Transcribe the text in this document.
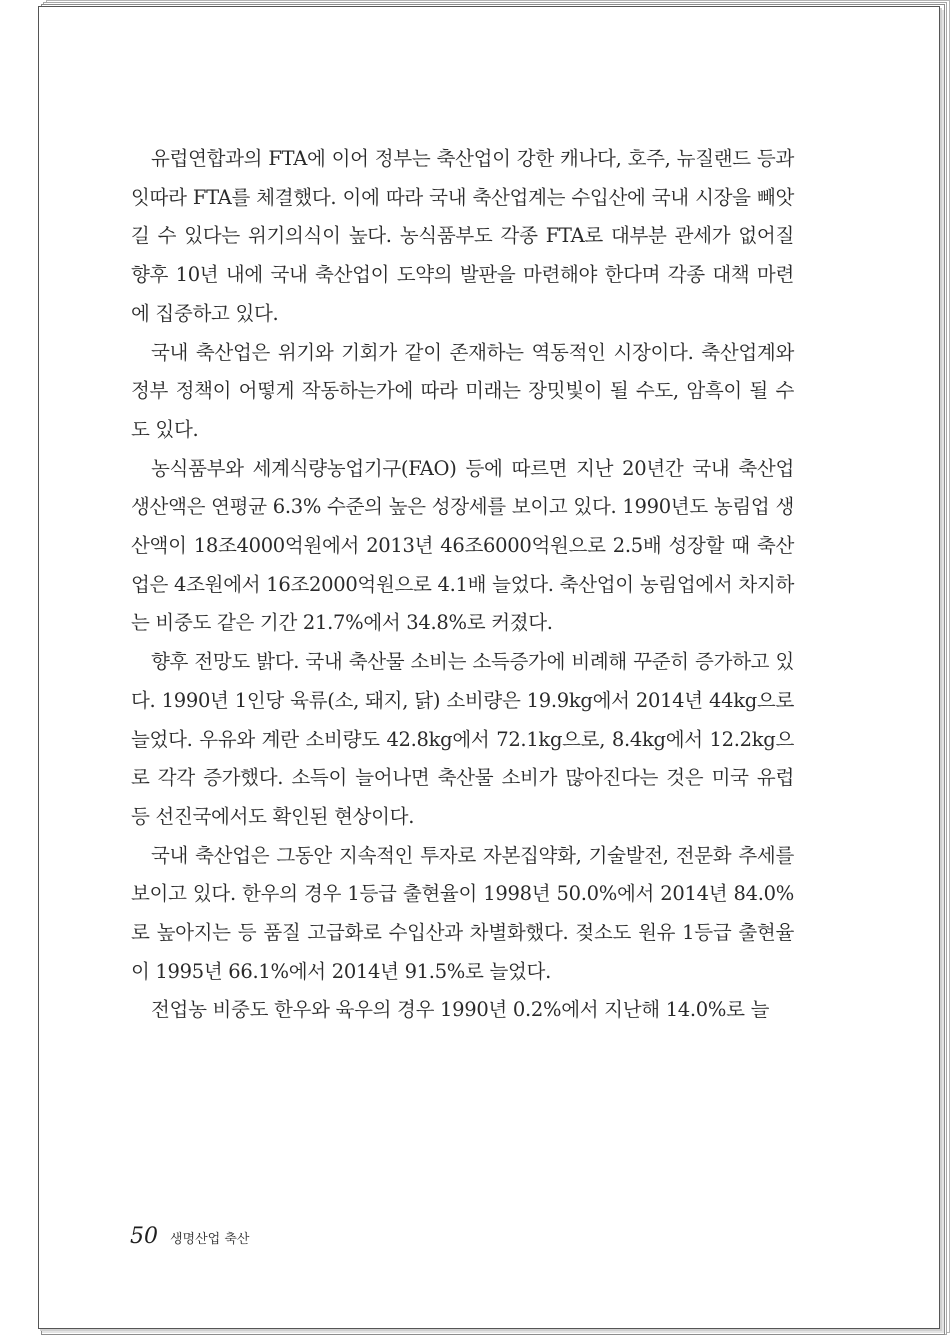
유럽연합과의 FTA에 이어 정부는 축산업이 강한 캐나다, 호주, 뉴질랜드 등과 잇따라 FTA를 체결했다. 이에 따라 국내 축산업계는 수입산에 국내 시장을 빼앗길 수 있다는 위기의식이 높다. 농식품부도 각종 FTA로 대부분 관세가 없어질 향후 10년 내에 국내 축산업이 도약의 발판을 마련해야 한다며 각종 대책 마련에 집중하고 있다.

국내 축산업은 위기와 기회가 같이 존재하는 역동적인 시장이다. 축산업계와 정부 정책이 어떻게 작동하는가에 따라 미래는 장밋빛이 될 수도, 암흑이 될 수도 있다.

농식품부와 세계식량농업기구(FAO) 등에 따르면 지난 20년간 국내 축산업 생산액은 연평균 6.3% 수준의 높은 성장세를 보이고 있다. 1990년도 농림업 생산액이 18조4000억원에서 2013년 46조6000억원으로 2.5배 성장할 때 축산업은 4조원에서 16조2000억원으로 4.1배 늘었다. 축산업이 농림업에서 차지하는 비중도 같은 기간 21.7%에서 34.8%로 커졌다.

향후 전망도 밝다. 국내 축산물 소비는 소득증가에 비례해 꾸준히 증가하고 있다. 1990년 1인당 육류(소, 돼지, 닭) 소비량은 19.9kg에서 2014년 44kg으로 늘었다. 우유와 계란 소비량도 42.8kg에서 72.1kg으로, 8.4kg에서 12.2kg으로 각각 증가했다. 소득이 늘어나면 축산물 소비가 많아진다는 것은 미국 유럽 등 선진국에서도 확인된 현상이다.

국내 축산업은 그동안 지속적인 투자로 자본집약화, 기술발전, 전문화 추세를 보이고 있다. 한우의 경우 1등급 출현율이 1998년 50.0%에서 2014년 84.0%로 높아지는 등 품질 고급화로 수입산과 차별화했다. 젖소도 원유 1등급 출현율이 1995년 66.1%에서 2014년 91.5%로 늘었다.

전업농 비중도 한우와 육우의 경우 1990년 0.2%에서 지난해 14.0%로 늘

50 생명산업 축산
